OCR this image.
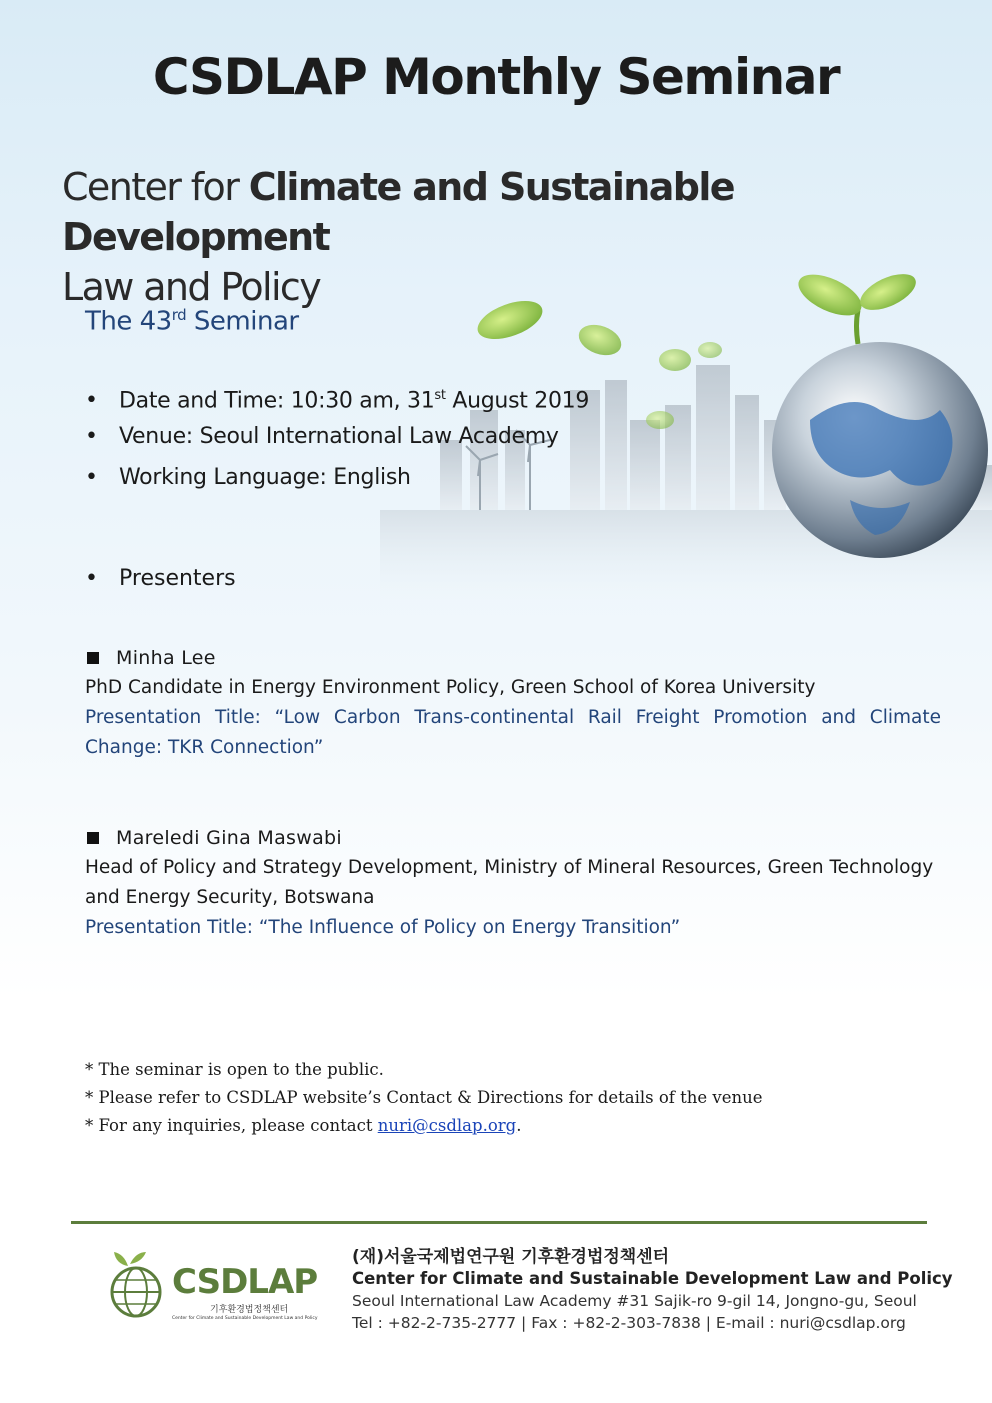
CSDLAP Monthly Seminar
Center for Climate and Sustainable Development
Law and Policy
The 43rd Seminar
• Date and Time: 10:30 am, 31st August 2019
• Venue: Seoul International Law Academy
• Working Language: English
• Presenters
Minha Lee
PhD Candidate in Energy Environment Policy, Green School of Korea University
Presentation Title: “Low Carbon Trans-continental Rail Freight Promotion and Climate Change: TKR Connection”
Mareledi Gina Maswabi
Head of Policy and Strategy Development, Ministry of Mineral Resources, Green Technology and Energy Security, Botswana
Presentation Title: “The Influence of Policy on Energy Transition”
* The seminar is open to the public.
* Please refer to CSDLAP website’s Contact & Directions for details of the venue
* For any inquiries, please contact nuri@csdlap.org.
CSDLAP
기후환경법정책센터
Center for Climate and Sustainable Development Law and Policy
(재)서울국제법연구원 기후환경법정책센터
Center for Climate and Sustainable Development Law and Policy
Seoul International Law Academy #31 Sajik-ro 9-gil 14, Jongno-gu, Seoul
Tel : +82-2-735-2777 | Fax : +82-2-303-7838 | E-mail : nuri@csdlap.org
